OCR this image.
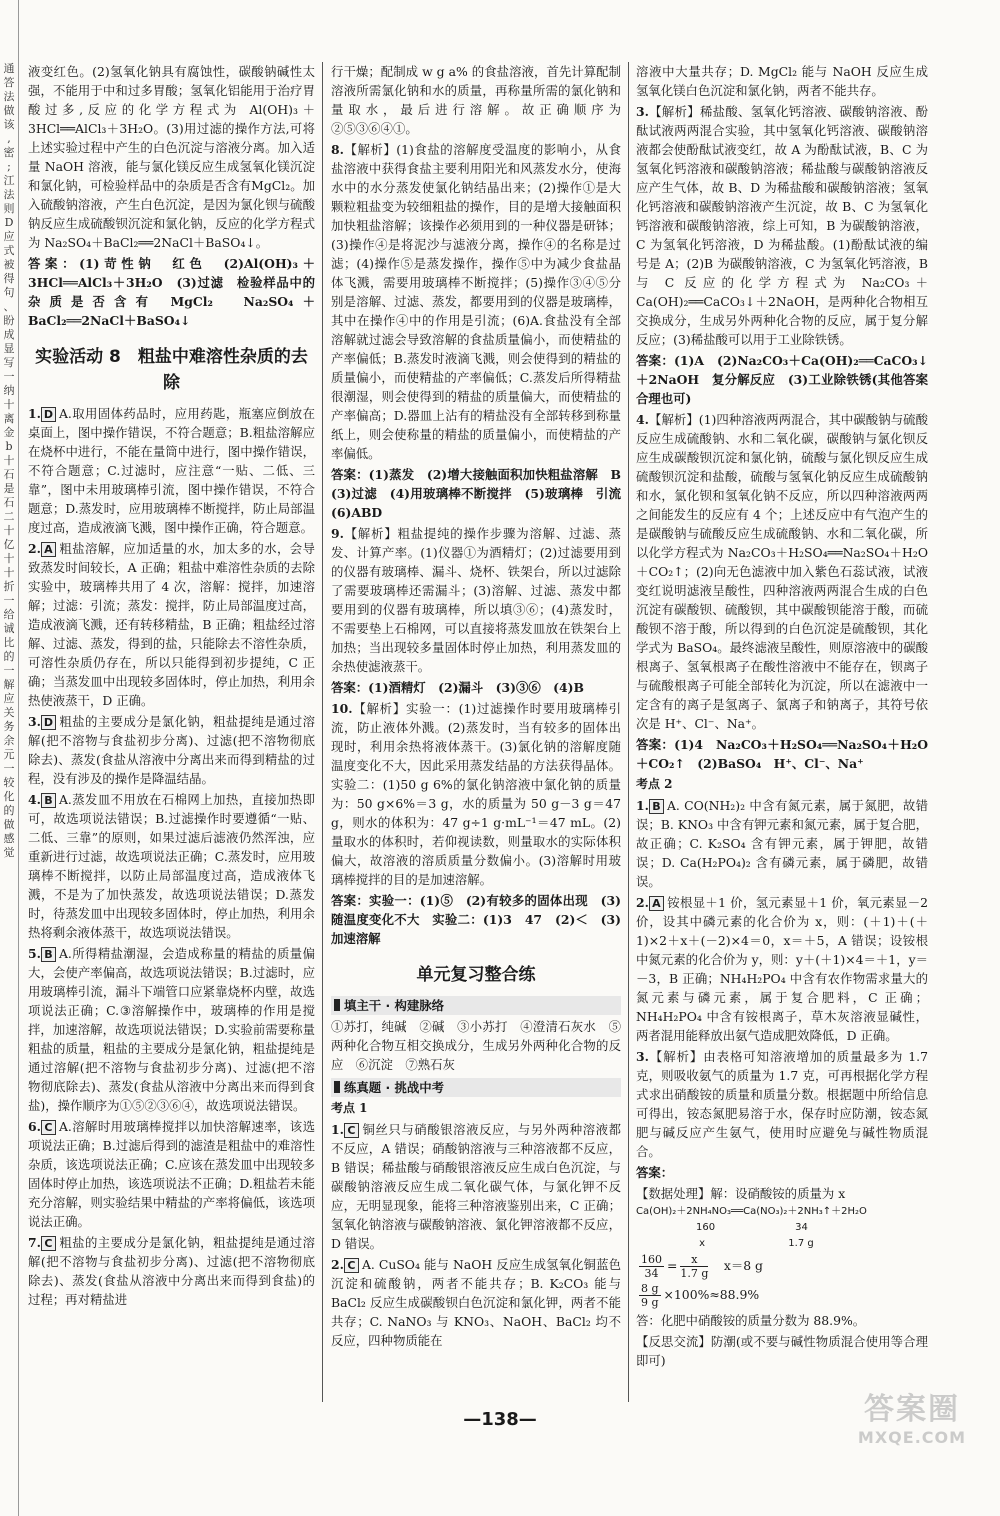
通
答
法
做
该
,
密
;
江
法
则
D
应
式
被
得
句
、
盼
成
显
写
一
纳
十
离
金
b
十
石
是
石
二
十
亿
十
十
折
一
给
诚
比
的
一
解
应
关
务
余
元
一
较
化
的
做
感
觉

液变红色。(2)氢氧化钠具有腐蚀性，碳酸钠碱性太强，不能用于中和过多胃酸；氢氧化铝能用于治疗胃酸过多,反应的化学方程式为 Al(OH)₃＋3HCl══AlCl₃＋3H₂O。(3)用过滤的操作方法,可将上述实验过程中产生的白色沉淀与溶液分离。加入适量 NaOH 溶液，能与氯化镁反应生成氢氧化镁沉淀和氯化钠，可检验样品中的杂质是否含有MgCl₂。加入硫酸钠溶液，产生白色沉淀，是因为氯化钡与硫酸钠反应生成硫酸钡沉淀和氯化钠，反应的化学方程式为 Na₂SO₄＋BaCl₂══2NaCl＋BaSO₄↓。

答案：(1)苛性钠　红色　(2)Al(OH)₃＋3HCl══AlCl₃＋3H₂O　(3)过滤　检验样品中的杂质是否含有 MgCl₂　Na₂SO₄＋BaCl₂══2NaCl＋BaSO₄↓

实验活动 8　粗盐中难溶性杂质的去除

1. D A.取用固体药品时，应用药匙，瓶塞应倒放在桌面上，图中操作错误，不符合题意；B.粗盐溶解应在烧杯中进行，不能在量筒中进行，图中操作错误，不符合题意；C.过滤时，应注意“一贴、二低、三靠”，图中未用玻璃棒引流，图中操作错误，不符合题意；D.蒸发时，应用玻璃棒不断搅拌，防止局部温度过高，造成液滴飞溅，图中操作正确，符合题意。

2. A 粗盐溶解，应加适量的水，加太多的水，会导致蒸发时间较长，A 正确；粗盐中难溶性杂质的去除实验中，玻璃棒共用了 4 次，溶解：搅拌，加速溶解；过滤：引流；蒸发：搅拌，防止局部温度过高，造成液滴飞溅，还有转移精盐，B 正确；粗盐经过溶解、过滤、蒸发，得到的盐，只能除去不溶性杂质，可溶性杂质仍存在，所以只能得到初步提纯，C 正确；当蒸发皿中出现较多固体时，停止加热，利用余热使液蒸干，D 正确。

3. D 粗盐的主要成分是氯化钠，粗盐提纯是通过溶解(把不溶物与食盐初步分离)、过滤(把不溶物彻底除去)、蒸发(食盐从溶液中分离出来而得到精盐的过程，没有涉及的操作是降温结晶。

4. B A.蒸发皿不用放在石棉网上加热，直接加热即可，故选项说法错误；B.过滤操作时要遵循“一贴、二低、三靠”的原则，如果过滤后滤液仍然浑浊，应重新进行过滤，故选项说法正确；C.蒸发时，应用玻璃棒不断搅拌，以防止局部温度过高，造成液体飞溅，不是为了加快蒸发，故选项说法错误；D.蒸发时，待蒸发皿中出现较多固体时，停止加热，利用余热将剩余液体蒸干，故选项说法错误。

5. B A.所得精盐潮湿，会造成称量的精盐的质量偏大，会使产率偏高，故选项说法错误；B.过滤时，应用玻璃棒引流，漏斗下端管口应紧靠烧杯内壁，故选项说法正确；C.③溶解操作中，玻璃棒的作用是搅拌，加速溶解，故选项说法错误；D.实验前需要称量粗盐的质量，粗盐的主要成分是氯化钠，粗盐提纯是通过溶解(把不溶物与食盐初步分离)、过滤(把不溶物彻底除去)、蒸发(食盐从溶液中分离出来而得到食盐)，操作顺序为①⑤②③⑥④，故选项说法错误。

6. C A.溶解时用玻璃棒搅拌以加快溶解速率，该选项说法正确；B.过滤后得到的滤渣是粗盐中的难溶性杂质，该选项说法正确；C.应该在蒸发皿中出现较多固体时停止加热，该选项说法不正确；D.粗盐若未能充分溶解，则实验结果中精盐的产率将偏低，该选项说法正确。

7. C 粗盐的主要成分是氯化钠，粗盐提纯是通过溶解(把不溶物与食盐初步分离)、过滤(把不溶物彻底除去)、蒸发(食盐从溶液中分离出来而得到食盐)的过程；再对精盐进

行干燥；配制成 w g a% 的食盐溶液，首先计算配制溶液所需氯化钠和水的质量，再称量所需的氯化钠和量取水，最后进行溶解。故正确顺序为②⑤③⑥④①。

8.【解析】(1)食盐的溶解度受温度的影响小，从食盐溶液中获得食盐主要利用阳光和风蒸发水分，使海水中的水分蒸发使氯化钠结晶出来；(2)操作①是大颗粒粗盐变为较细粗盐的操作，目的是增大接触面积加快粗盐溶解；该操作必须用到的一种仪器是研钵；(3)操作④是将泥沙与滤液分离，操作④的名称是过滤；(4)操作⑤是蒸发操作，操作⑤中为减少食盐晶体飞溅，需要用玻璃棒不断搅拌；(5)操作③④⑤分别是溶解、过滤、蒸发，都要用到的仪器是玻璃棒，其中在操作④中的作用是引流；(6)A.食盐没有全部溶解就过滤会导致溶解的食盐质量偏小，而使精盐的产率偏低；B.蒸发时液滴飞溅，则会使得到的精盐的质量偏小，而使精盐的产率偏低；C.蒸发后所得精盐很潮湿，则会使得到的精盐的质量偏大，而使精盐的产率偏高；D.器皿上沾有的精盐没有全部转移到称量纸上，则会使称量的精盐的质量偏小，而使精盐的产率偏低。

答案：(1)蒸发　(2)增大接触面积加快粗盐溶解　B　(3)过滤　(4)用玻璃棒不断搅拌　(5)玻璃棒　引流　(6)ABD

9.【解析】粗盐提纯的操作步骤为溶解、过滤、蒸发、计算产率。(1)仪器①为酒精灯；(2)过滤要用到的仪器有玻璃棒、漏斗、烧杯、铁架台，所以过滤除了需要玻璃棒还需漏斗；(3)溶解、过滤、蒸发中都要用到的仪器有玻璃棒，所以填③⑥；(4)蒸发时，不需要垫上石棉网，可以直接将蒸发皿放在铁架台上加热；当出现较多量固体时停止加热，利用蒸发皿的余热使滤液蒸干。

答案：(1)酒精灯　(2)漏斗　(3)③⑥　(4)B

10.【解析】实验一：(1)过滤操作时要用玻璃棒引流，防止液体外溅。(2)蒸发时，当有较多的固体出现时，利用余热将液体蒸干。(3)氯化钠的溶解度随温度变化不大，因此采用蒸发结晶的方法获得晶体。实验二：(1)50 g 6%的氯化钠溶液中氯化钠的质量为：50 g×6%＝3 g，水的质量为 50 g－3 g＝47 g，则水的体积为：47 g÷1 g·mL⁻¹＝47 mL。(2)量取水的体积时，若仰视读数，则量取水的实际体积偏大，故溶液的溶质质量分数偏小。(3)溶解时用玻璃棒搅拌的目的是加速溶解。

答案：实验一：(1)⑤　(2)有较多的固体出现　(3)随温度变化不大　实验二：(1)3　47　(2)＜　(3)加速溶解

单元复习整合练
填主干 · 构建脉络

①苏打，纯碱　②碱　③小苏打　④澄清石灰水　⑤两种化合物互相交换成分，生成另外两种化合物的反应　⑥沉淀　⑦熟石灰

练真题 · 挑战中考

考点 1

1. C 铜丝只与硝酸银溶液反应，与另外两种溶液都不反应，A 错误；硝酸钠溶液与三种溶液都不反应，B 错误；稀盐酸与硝酸银溶液反应生成白色沉淀，与碳酸钠溶液反应生成二氧化碳气体，与氯化钾不反应，无明显现象，能将三种溶液鉴别出来，C 正确；氢氧化钠溶液与碳酸钠溶液、氯化钾溶液都不反应，D 错误。

2. C A. CuSO₄ 能与 NaOH 反应生成氢氧化铜蓝色沉淀和硫酸钠，两者不能共存；B. K₂CO₃ 能与 BaCl₂ 反应生成碳酸钡白色沉淀和氯化钾，两者不能共存；C. NaNO₃ 与 KNO₃、NaOH、BaCl₂ 均不反应，四种物质能在

溶液中大量共存；D. MgCl₂ 能与 NaOH 反应生成氢氧化镁白色沉淀和氯化钠，两者不能共存。

3.【解析】稀盐酸、氢氧化钙溶液、碳酸钠溶液、酚酞试液两两混合实验，其中氢氧化钙溶液、碳酸钠溶液都会使酚酞试液变红，故 A 为酚酞试液，B、C 为氢氧化钙溶液和碳酸钠溶液；稀盐酸与碳酸钠溶液反应产生气体，故 B、D 为稀盐酸和碳酸钠溶液；氢氧化钙溶液和碳酸钠溶液产生沉淀，故 B、C 为氢氧化钙溶液和碳酸钠溶液，综上可知，B 为碳酸钠溶液，C 为氢氧化钙溶液，D 为稀盐酸。(1)酚酞试液的编号是 A；(2)B 为碳酸钠溶液，C 为氢氧化钙溶液，B 与 C 反应的化学方程式为 Na₂CO₃＋Ca(OH)₂══CaCO₃↓＋2NaOH，是两种化合物相互交换成分，生成另外两种化合物的反应，属于复分解反应；(3)稀盐酸可以用于工业除铁锈。

答案：(1)A　(2)Na₂CO₃＋Ca(OH)₂══CaCO₃↓＋2NaOH　复分解反应　(3)工业除铁锈(其他答案合理也可)

4.【解析】(1)四种溶液两两混合，其中碳酸钠与硫酸反应生成硫酸钠、水和二氧化碳，碳酸钠与氯化钡反应生成碳酸钡沉淀和氯化钠，硫酸与氯化钡反应生成硫酸钡沉淀和盐酸，硫酸与氢氧化钠反应生成硫酸钠和水，氯化钡和氢氧化钠不反应，所以四种溶液两两之间能发生的反应有 4 个；上述反应中有气泡产生的是碳酸钠与硫酸反应生成硫酸钠、水和二氧化碳，所以化学方程式为 Na₂CO₃＋H₂SO₄══Na₂SO₄＋H₂O＋CO₂↑；(2)向无色滤液中加入紫色石蕊试液，试液变红说明滤液呈酸性，四种溶液两两混合生成的白色沉淀有碳酸钡、硫酸钡，其中碳酸钡能溶于酸，而硫酸钡不溶于酸，所以得到的白色沉淀是硫酸钡，其化学式为 BaSO₄。最终滤液呈酸性，则原溶液中的碳酸根离子、氢氧根离子在酸性溶液中不能存在，钡离子与硫酸根离子可能全部转化为沉淀，所以在滤液中一定含有的离子是氢离子、氯离子和钠离子，其符号依次是 H⁺、Cl⁻、Na⁺。

答案：(1)4　Na₂CO₃＋H₂SO₄══Na₂SO₄＋H₂O＋CO₂↑　(2)BaSO₄　H⁺、Cl⁻、Na⁺

考点 2

1. B A. CO(NH₂)₂ 中含有氮元素，属于氮肥，故错误；B. KNO₃ 中含有钾元素和氮元素，属于复合肥，故正确；C. K₂SO₄ 含有钾元素，属于钾肥，故错误；D. Ca(H₂PO₄)₂ 含有磷元素，属于磷肥，故错误。

2. A 铵根显＋1 价，氢元素显＋1 价，氧元素显－2 价，设其中磷元素的化合价为 x，则：(＋1)＋(＋1)×2＋x＋(－2)×4＝0，x＝＋5，A 错误；设铵根中氮元素的化合价为 y，则：y＋(＋1)×4＝＋1，y＝－3，B 正确；NH₄H₂PO₄ 中含有农作物需求量大的氮元素与磷元素，属于复合肥料，C 正确；NH₄H₂PO₄ 中含有铵根离子，草木灰溶液显碱性，两者混用能释放出氨气造成肥效降低，D 正确。

3.【解析】由表格可知溶液增加的质量最多为 1.7 克，则吸收氨气的质量为 1.7 克，可再根据化学方程式求出硝酸铵的质量和质量分数。根据题中所给信息可得出，铵态氮肥易溶于水，保存时应防潮，铵态氮肥与碱反应产生氨气，使用时应避免与碱性物质混合。

答案：

【数据处理】解：设硝酸铵的质量为 x

Ca(OH)₂＋2NH₄NO₃══Ca(NO₃)₂＋2NH₃↑＋2H₂O

　　　　　　160　　　　　　　　34

　　　　　　 x　　　　　　　　 1.7 g

$\frac{160}{34} = \frac{x}{1.7 g}$ 　x＝8 g

$\frac{8 g}{9 g} \times 100\%\approx 88.9\%$

答：化肥中硝酸铵的质量分数为 88.9%。

【反思交流】防潮(或不要与碱性物质混合使用等合理即可)

—138—	答案圈
MXQE.COM
